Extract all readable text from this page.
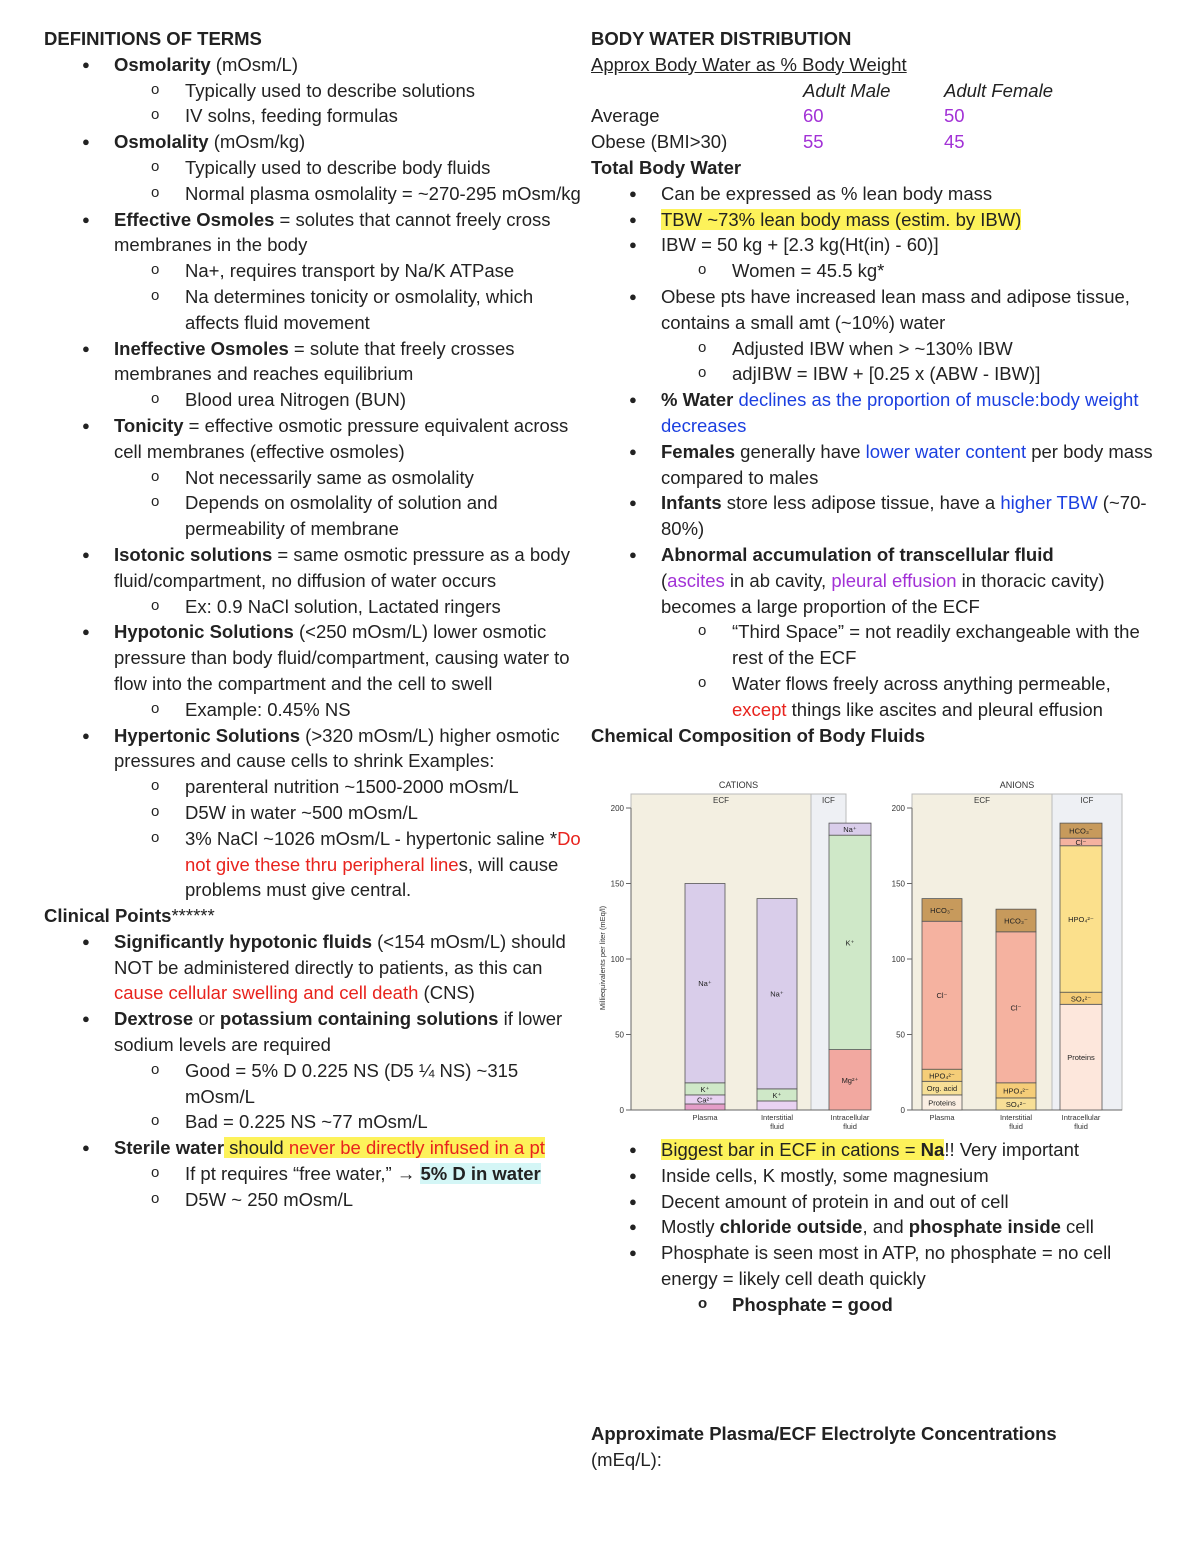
DEFINITIONS OF TERMS
● Osmolarity (mOsm/L)
o Typically used to describe solutions
o IV solns, feeding formulas
● Osmolality (mOsm/kg)
o Typically used to describe body fluids
o Normal plasma osmolality = ~270-295 mOsm/kg
● Effective Osmoles = solutes that cannot freely cross membranes in the body
o Na+, requires transport by Na/K ATPase
o Na determines tonicity or osmolality, which affects fluid movement
● Ineffective Osmoles = solute that freely crosses membranes and reaches equilibrium
o Blood urea Nitrogen (BUN)
● Tonicity = effective osmotic pressure equivalent across cell membranes (effective osmoles)
o Not necessarily same as osmolality
o Depends on osmolality of solution and permeability of membrane
● Isotonic solutions = same osmotic pressure as a body fluid/compartment, no diffusion of water occurs
o Ex: 0.9 NaCl solution, Lactated ringers
● Hypotonic Solutions (<250 mOsm/L) lower osmotic pressure than body fluid/compartment, causing water to flow into the compartment and the cell to swell
o Example: 0.45% NS
● Hypertonic Solutions (>320 mOsm/L) higher osmotic pressures and cause cells to shrink Examples:
o parenteral nutrition ~1500-2000 mOsm/L
o D5W in water ~500 mOsm/L
o 3% NaCl ~1026 mOsm/L - hypertonic saline *Do not give these thru peripheral lines, will cause problems must give central.
Clinical Points******
● Significantly hypotonic fluids (<154 mOsm/L) should NOT be administered directly to patients, as this can cause cellular swelling and cell death (CNS)
● Dextrose or potassium containing solutions if lower sodium levels are required
o Good = 5% D 0.225 NS (D5 ¼ NS) ~315 mOsm/L
o Bad = 0.225 NS ~77 mOsm/L
● Sterile water should never be directly infused in a pt
o If pt requires “free water,” → 5% D in water
o D5W ~ 250 mOsm/L
BODY WATER DISTRIBUTION
Approx Body Water as % Body Weight
Adult Male	Adult Female
Average	60	50
Obese (BMI>30)	55	45
Total Body Water
● Can be expressed as % lean body mass
● TBW ~73% lean body mass (estim. by IBW)
● IBW = 50 kg + [2.3 kg(Ht(in) - 60)]
o Women = 45.5 kg*
● Obese pts have increased lean mass and adipose tissue, contains a small amt (~10%) water
o Adjusted IBW when > ~130% IBW
o adjIBW = IBW + [0.25 x (ABW - IBW)]
● % Water declines as the proportion of muscle:body weight decreases
● Females generally have lower water content per body mass compared to males
● Infants store less adipose tissue, have a higher TBW (~70-80%)
● Abnormal accumulation of transcellular fluid
(ascites in ab cavity, pleural effusion in thoracic cavity) becomes a large proportion of the ECF
o “Third Space” = not readily exchangeable with the rest of the ECF
o Water flows freely across anything permeable, except things like ascites and pleural effusion
Chemical Composition of Body Fluids
CATIONS
ECF	ICF
0
50
100
150
200
Milliequivalents per liter (mEq/l)
Ca²⁺
K⁺
Na⁺
Plasma
K⁺
Na⁺
Interstitial
fluid
Mg²⁺
K⁺
Na⁺
Intracellular
fluid
ANIONS
ECF	ICF
0
50
100
150
200
Proteins
Org. acid
HPO₄²⁻
Cl⁻
HCO₃⁻
Plasma
SO₄²⁻
HPO₄²⁻
Cl⁻
HCO₃⁻
Interstitial
fluid
Proteins
SO₄²⁻
HPO₄²⁻
Cl⁻
HCO₃⁻
Intracellular
fluid
● Biggest bar in ECF in cations = Na!! Very important
● Inside cells, K mostly, some magnesium
● Decent amount of protein in and out of cell
● Mostly chloride outside, and phosphate inside cell
● Phosphate is seen most in ATP, no phosphate = no cell energy = likely cell death quickly
o Phosphate = good
Approximate Plasma/ECF Electrolyte Concentrations
(mEq/L):
